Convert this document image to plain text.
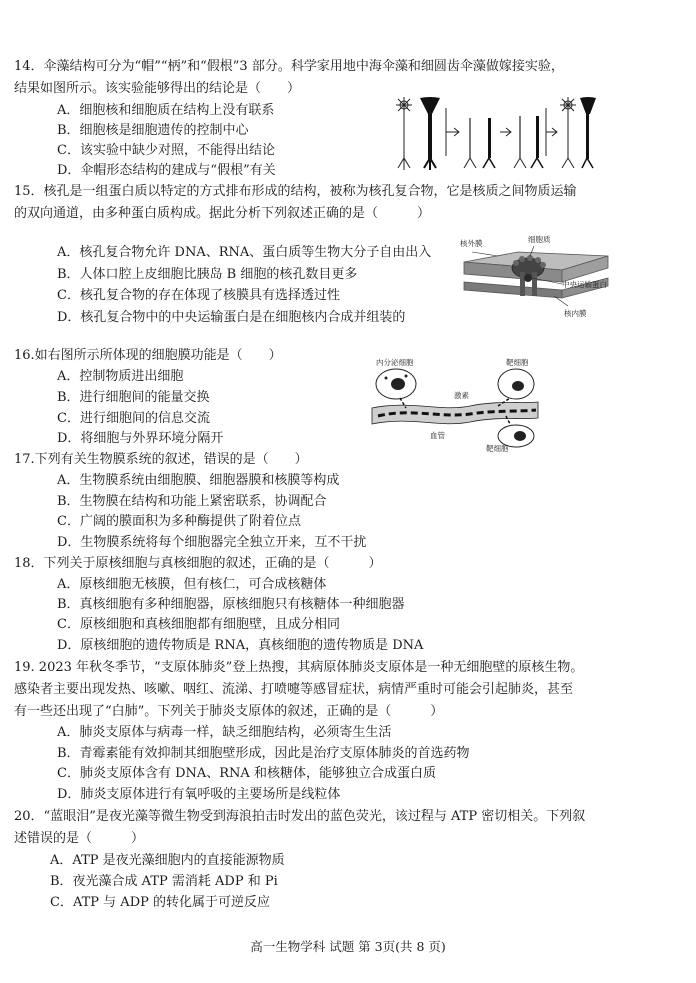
14．伞藻结构可分为“帽”“柄”和“假根”3 部分。科学家用地中海伞藻和细圆齿伞藻做嫁接实验，
结果如图所示。该实验能够得出的结论是（　　）
A．细胞核和细胞质在结构上没有联系
B．细胞核是细胞遗传的控制中心
C．该实验中缺少对照，不能得出结论
D．伞帽形态结构的建成与“假根”有关
15．核孔是一组蛋白质以特定的方式排布形成的结构，被称为核孔复合物，它是核质之间物质运输
的双向通道，由多种蛋白质构成。据此分析下列叙述正确的是（　　　）
A．核孔复合物允许 DNA、RNA、蛋白质等生物大分子自由出入
B．人体口腔上皮细胞比胰岛 B 细胞的核孔数目更多
C．核孔复合物的存在体现了核膜具有选择透过性
D．核孔复合物中的中央运输蛋白是在细胞核内合成并组装的
核外膜	细胞质
中央运输蛋白
核内膜
16.如右图所示所体现的细胞膜功能是（　　）
A．控制物质进出细胞
B．进行细胞间的能量交换
C．进行细胞间的信息交流
D．将细胞与外界环境分隔开
内分泌细胞	靶细胞
激素
血管
靶细胞
17.下列有关生物膜系统的叙述，错误的是（　　）
A．生物膜系统由细胞膜、细胞器膜和核膜等构成
B．生物膜在结构和功能上紧密联系，协调配合
C．广阔的膜面积为多种酶提供了附着位点
D．生物膜系统将每个细胞器完全独立开来，互不干扰
18．下列关于原核细胞与真核细胞的叙述，正确的是（　　　）
A．原核细胞无核膜，但有核仁，可合成核糖体
B．真核细胞有多种细胞器，原核细胞只有核糖体一种细胞器
C．原核细胞和真核细胞都有细胞壁，且成分相同
D．原核细胞的遗传物质是 RNA，真核细胞的遗传物质是 DNA
19. 2023 年秋冬季节，“支原体肺炎”登上热搜，其病原体肺炎支原体是一种无细胞壁的原核生物。
感染者主要出现发热、咳嗽、咽红、流涕、打喷嚏等感冒症状，病情严重时可能会引起肺炎，甚至
有一些还出现了“白肺”。下列关于肺炎支原体的叙述，正确的是（　　　）
A．肺炎支原体与病毒一样，缺乏细胞结构，必须寄生生活
B．青霉素能有效抑制其细胞壁形成，因此是治疗支原体肺炎的首选药物
C．肺炎支原体含有 DNA、RNA 和核糖体，能够独立合成蛋白质
D．肺炎支原体进行有氧呼吸的主要场所是线粒体
20．“蓝眼泪”是夜光藻等微生物受到海浪拍击时发出的蓝色荧光，该过程与 ATP 密切相关。下列叙
述错误的是（　　　）
A．ATP 是夜光藻细胞内的直接能源物质
B．夜光藻合成 ATP 需消耗 ADP 和 Pi
C．ATP 与 ADP 的转化属于可逆反应
高一生物学科 试题 第 3页(共 8 页)
